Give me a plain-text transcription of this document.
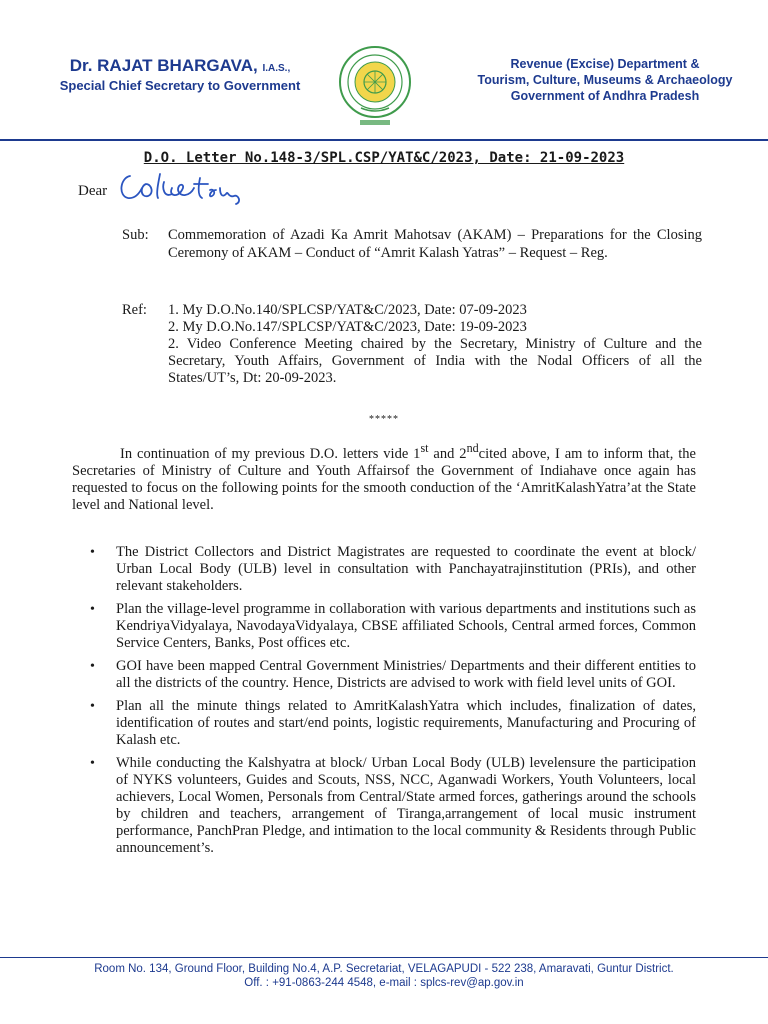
Dr. RAJAT BHARGAVA, I.A.S.,
Special Chief Secretary to Government
Revenue (Excise) Department &
Tourism, Culture, Museums & Archaeology
Government of Andhra Pradesh
D.O. Letter No.148-3/SPL.CSP/YAT&C/2023, Date: 21-09-2023
Dear
Sub: Commemoration of Azadi Ka Amrit Mahotsav (AKAM) – Preparations for the Closing Ceremony of AKAM – Conduct of “Amrit Kalash Yatras” – Request – Reg.
Ref: 1. My D.O.No.140/SPLCSP/YAT&C/2023, Date: 07-09-2023
2. My D.O.No.147/SPLCSP/YAT&C/2023, Date: 19-09-2023
2. Video Conference Meeting chaired by the Secretary, Ministry of Culture and the Secretary, Youth Affairs, Government of India with the Nodal Officers of all the States/UT’s, Dt: 20-09-2023.
*****
In continuation of my previous D.O. letters vide 1st and 2ndcited above, I am to inform that, the Secretaries of Ministry of Culture and Youth Affairsof the Government of Indiahave once again has requested to focus on the following points for the smooth conduction of the ‘AmritKalashYatra’at the State level and National level.
• The District Collectors and District Magistrates are requested to coordinate the event at block/ Urban Local Body (ULB) level in consultation with Panchayatrajinstitution (PRIs), and other relevant stakeholders.
• Plan the village-level programme in collaboration with various departments and institutions such as KendriyaVidyalaya, NavodayaVidyalaya, CBSE affiliated Schools, Central armed forces, Common Service Centers, Banks, Post offices etc.
• GOI have been mapped Central Government Ministries/ Departments and their different entities to all the districts of the country. Hence, Districts are advised to work with field level units of GOI.
• Plan all the minute things related to AmritKalashYatra which includes, finalization of dates, identification of routes and start/end points, logistic requirements, Manufacturing and Procuring of Kalash etc.
• While conducting the Kalshyatra at block/ Urban Local Body (ULB) levelensure the participation of NYKS volunteers, Guides and Scouts, NSS, NCC, Aganwadi Workers, Youth Volunteers, local achievers, Local Women, Personals from Central/State armed forces, gatherings around the schools by children and teachers, arrangement of Tiranga,arrangement of local music instrument performance, PanchPran Pledge, and intimation to the local community & Residents through Public announcement’s.
Room No. 134, Ground Floor, Building No.4, A.P. Secretariat, VELAGAPUDI - 522 238, Amaravati, Guntur District.
Off. : +91-0863-244 4548, e-mail : splcs-rev@ap.gov.in
